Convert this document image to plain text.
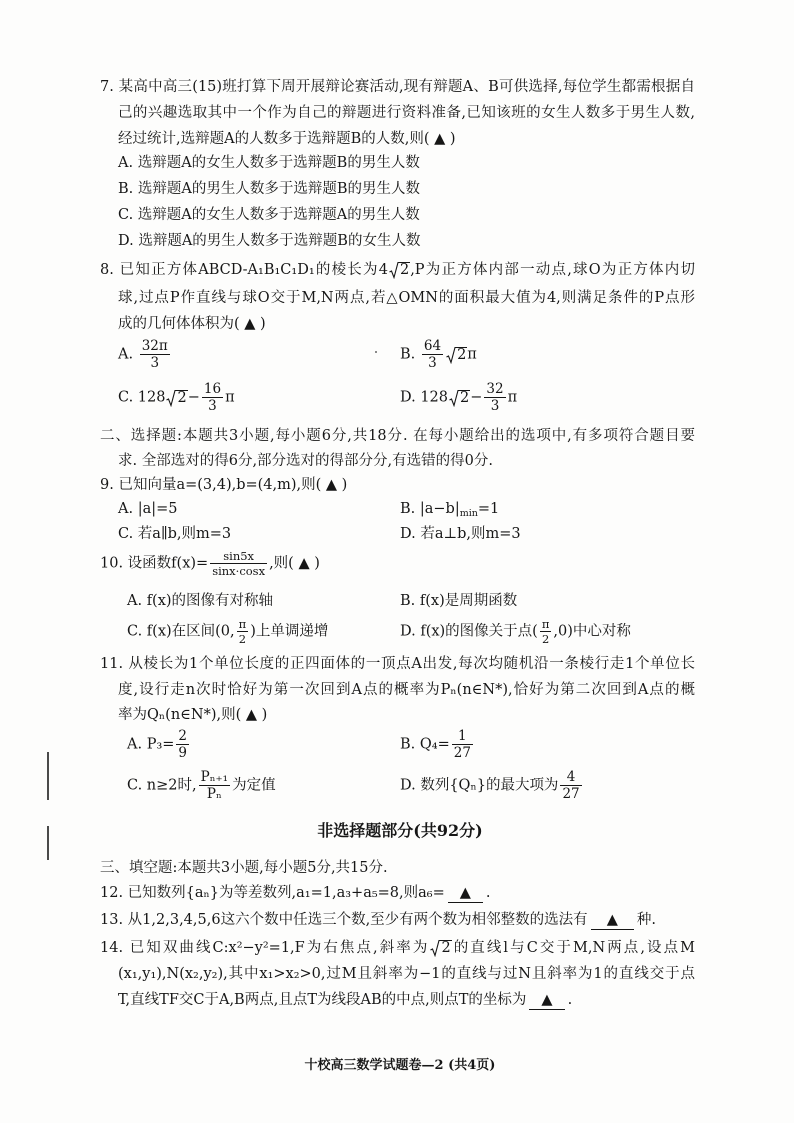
7. 某高中高三(15)班打算下周开展辩论赛活动,现有辩题A、B可供选择,每位学生都需根据自
己的兴趣选取其中一个作为自己的辩题进行资料准备,已知该班的女生人数多于男生人数,
经过统计,选辩题A的人数多于选辩题B的人数,则( ▲ )
A. 选辩题A的女生人数多于选辩题B的男生人数
B. 选辩题A的男生人数多于选辩题B的男生人数
C. 选辩题A的女生人数多于选辩题A的男生人数
D. 选辩题A的男生人数多于选辩题B的女生人数
8. 已知正方体ABCD-A₁B₁C₁D₁的棱长为4 2,P为正方体内部一动点,球O为正方体内切
球,过点P作直线与球O交于M,N两点,若△OMN的面积最大值为4,则满足条件的P点形
成的几何体体积为( ▲ )
A. $\frac{32\pi}{3}$	B. $\frac{64}{3} 2\pi$
C. 128 $2- \frac{16}{3}$ π	D. 128 $2- \frac{32}{3}$ π
二、选择题:本题共3小题,每小题6分,共18分. 在每小题给出的选项中,有多项符合题目要
求. 全部选对的得6分,部分选对的得部分分,有选错的得0分.
9. 已知向量a=(3,4),b=(4,m),则( ▲ )
A. |a|=5	B. $|a-b|_{min}=1$
C. 若a∥b,则m=3	D. 若a⊥b,则m=3
10. 设函数$f(x)= \frac{\sin 5x}{\sin x\cdot\cos x}$ ,则( ▲ )
A. f(x)的图像有对称轴	B. f(x)是周期函数
C. f(x)在区间(0, $\frac{\pi}{2}$ )上单调递增	D. f(x)的图像关于点( $\frac{\pi}{2} ,0$)中心对称
11. 从棱长为1个单位长度的正四面体的一顶点A出发,每次均随机沿一条棱行走1个单位长
度,设行走n次时恰好为第一次回到A点的概率为Pₙ(n∈N*),恰好为第二次回到A点的概
率为Qₙ(n∈N*),则( ▲ )
A. $P_3= \frac{2}{9}$	B. $Q_4= \frac{1}{27}$
C. n≥2时, $\frac{\text{Pₙ₊₁}}{\text{Pₙ}}$ 为定值	D. 数列{Qₙ}的最大项为 $\frac{4}{27}$
非选择题部分(共92分)
三、填空题:本题共3小题,每小题5分,共15分.
12. 已知数列{aₙ}为等差数列,a₁=1,a₃+a₅=8,则a₆= ▲ .
13. 从1,2,3,4,5,6这六个数中任选三个数,至少有两个数为相邻整数的选法有 ▲ 种.
14. 已知双曲线C:x²−y²=1,F为右焦点,斜率为 2的直线l与C交于M,N两点,设点M
(x₁,y₁),N(x₂,y₂),其中x₁>x₂>0,过M且斜率为−1的直线与过N且斜率为1的直线交于点
T,直线TF交C于A,B两点,且点T为线段AB的中点,则点T的坐标为 ▲ .
十校高三数学试题卷—2 (共4页)
